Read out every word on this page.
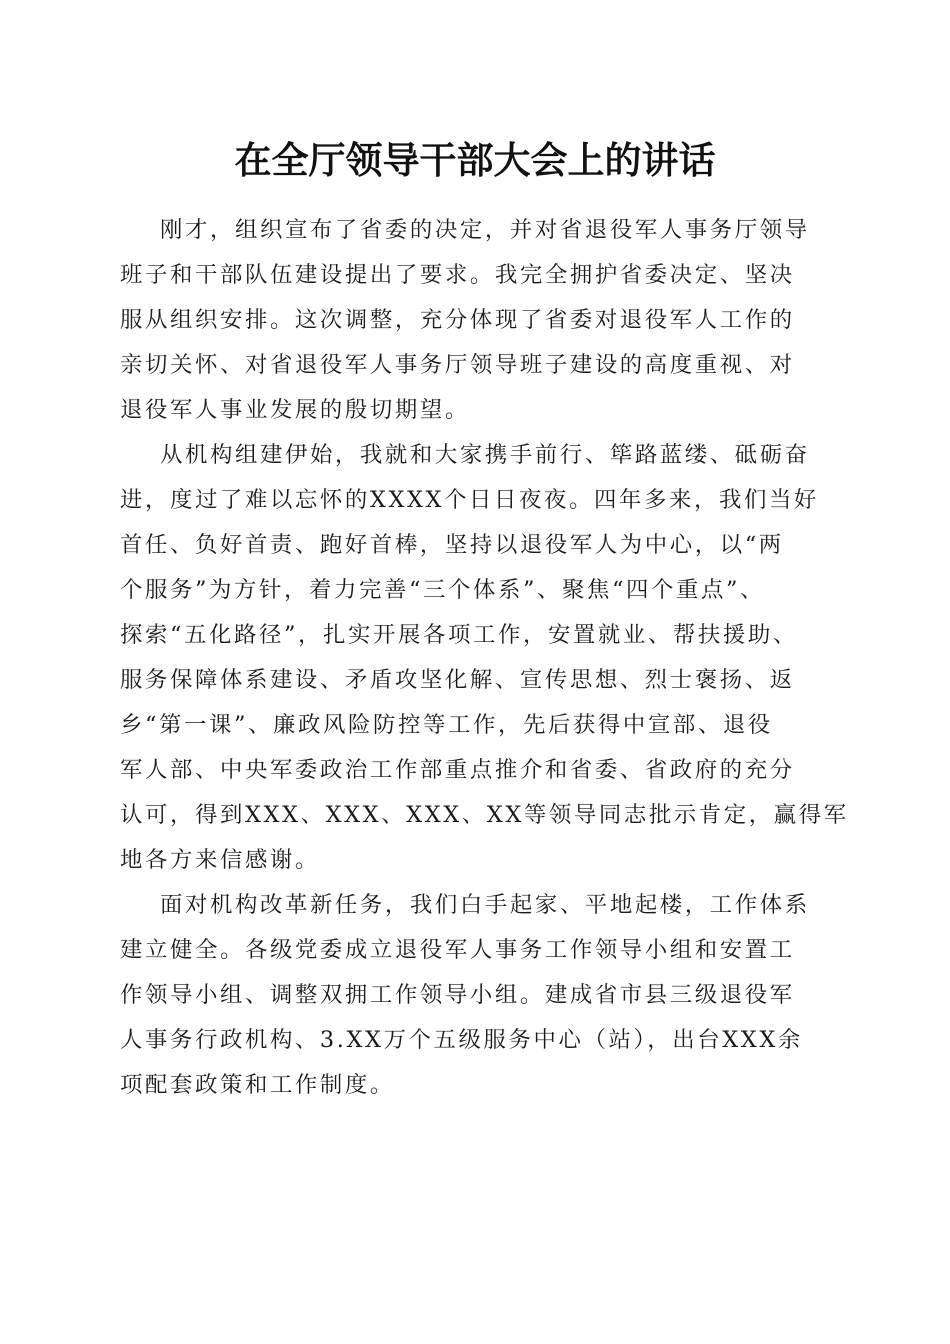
在全厅领导干部大会上的讲话
刚才，组织宣布了省委的决定，并对省退役军人事务厅领导
班子和干部队伍建设提出了要求。我完全拥护省委决定、坚决
服从组织安排。这次调整，充分体现了省委对退役军人工作的
亲切关怀、对省退役军人事务厅领导班子建设的高度重视、对
退役军人事业发展的殷切期望。
从机构组建伊始，我就和大家携手前行、筚路蓝缕、砥砺奋
进，度过了难以忘怀的XXXX个日日夜夜。四年多来，我们当好
首任、负好首责、跑好首棒，坚持以退役军人为中心，以“两
个服务”为方针，着力完善“三个体系”、聚焦“四个重点”、
探索“五化路径”，扎实开展各项工作，安置就业、帮扶援助、
服务保障体系建设、矛盾攻坚化解、宣传思想、烈士褒扬、返
乡“第一课”、廉政风险防控等工作，先后获得中宣部、退役
军人部、中央军委政治工作部重点推介和省委、省政府的充分
认可，得到XXX、XXX、XXX、XX等领导同志批示肯定，赢得军
地各方来信感谢。
面对机构改革新任务，我们白手起家、平地起楼，工作体系
建立健全。各级党委成立退役军人事务工作领导小组和安置工
作领导小组、调整双拥工作领导小组。建成省市县三级退役军
人事务行政机构、3.XX万个五级服务中心（站），出台XXX余
项配套政策和工作制度。
